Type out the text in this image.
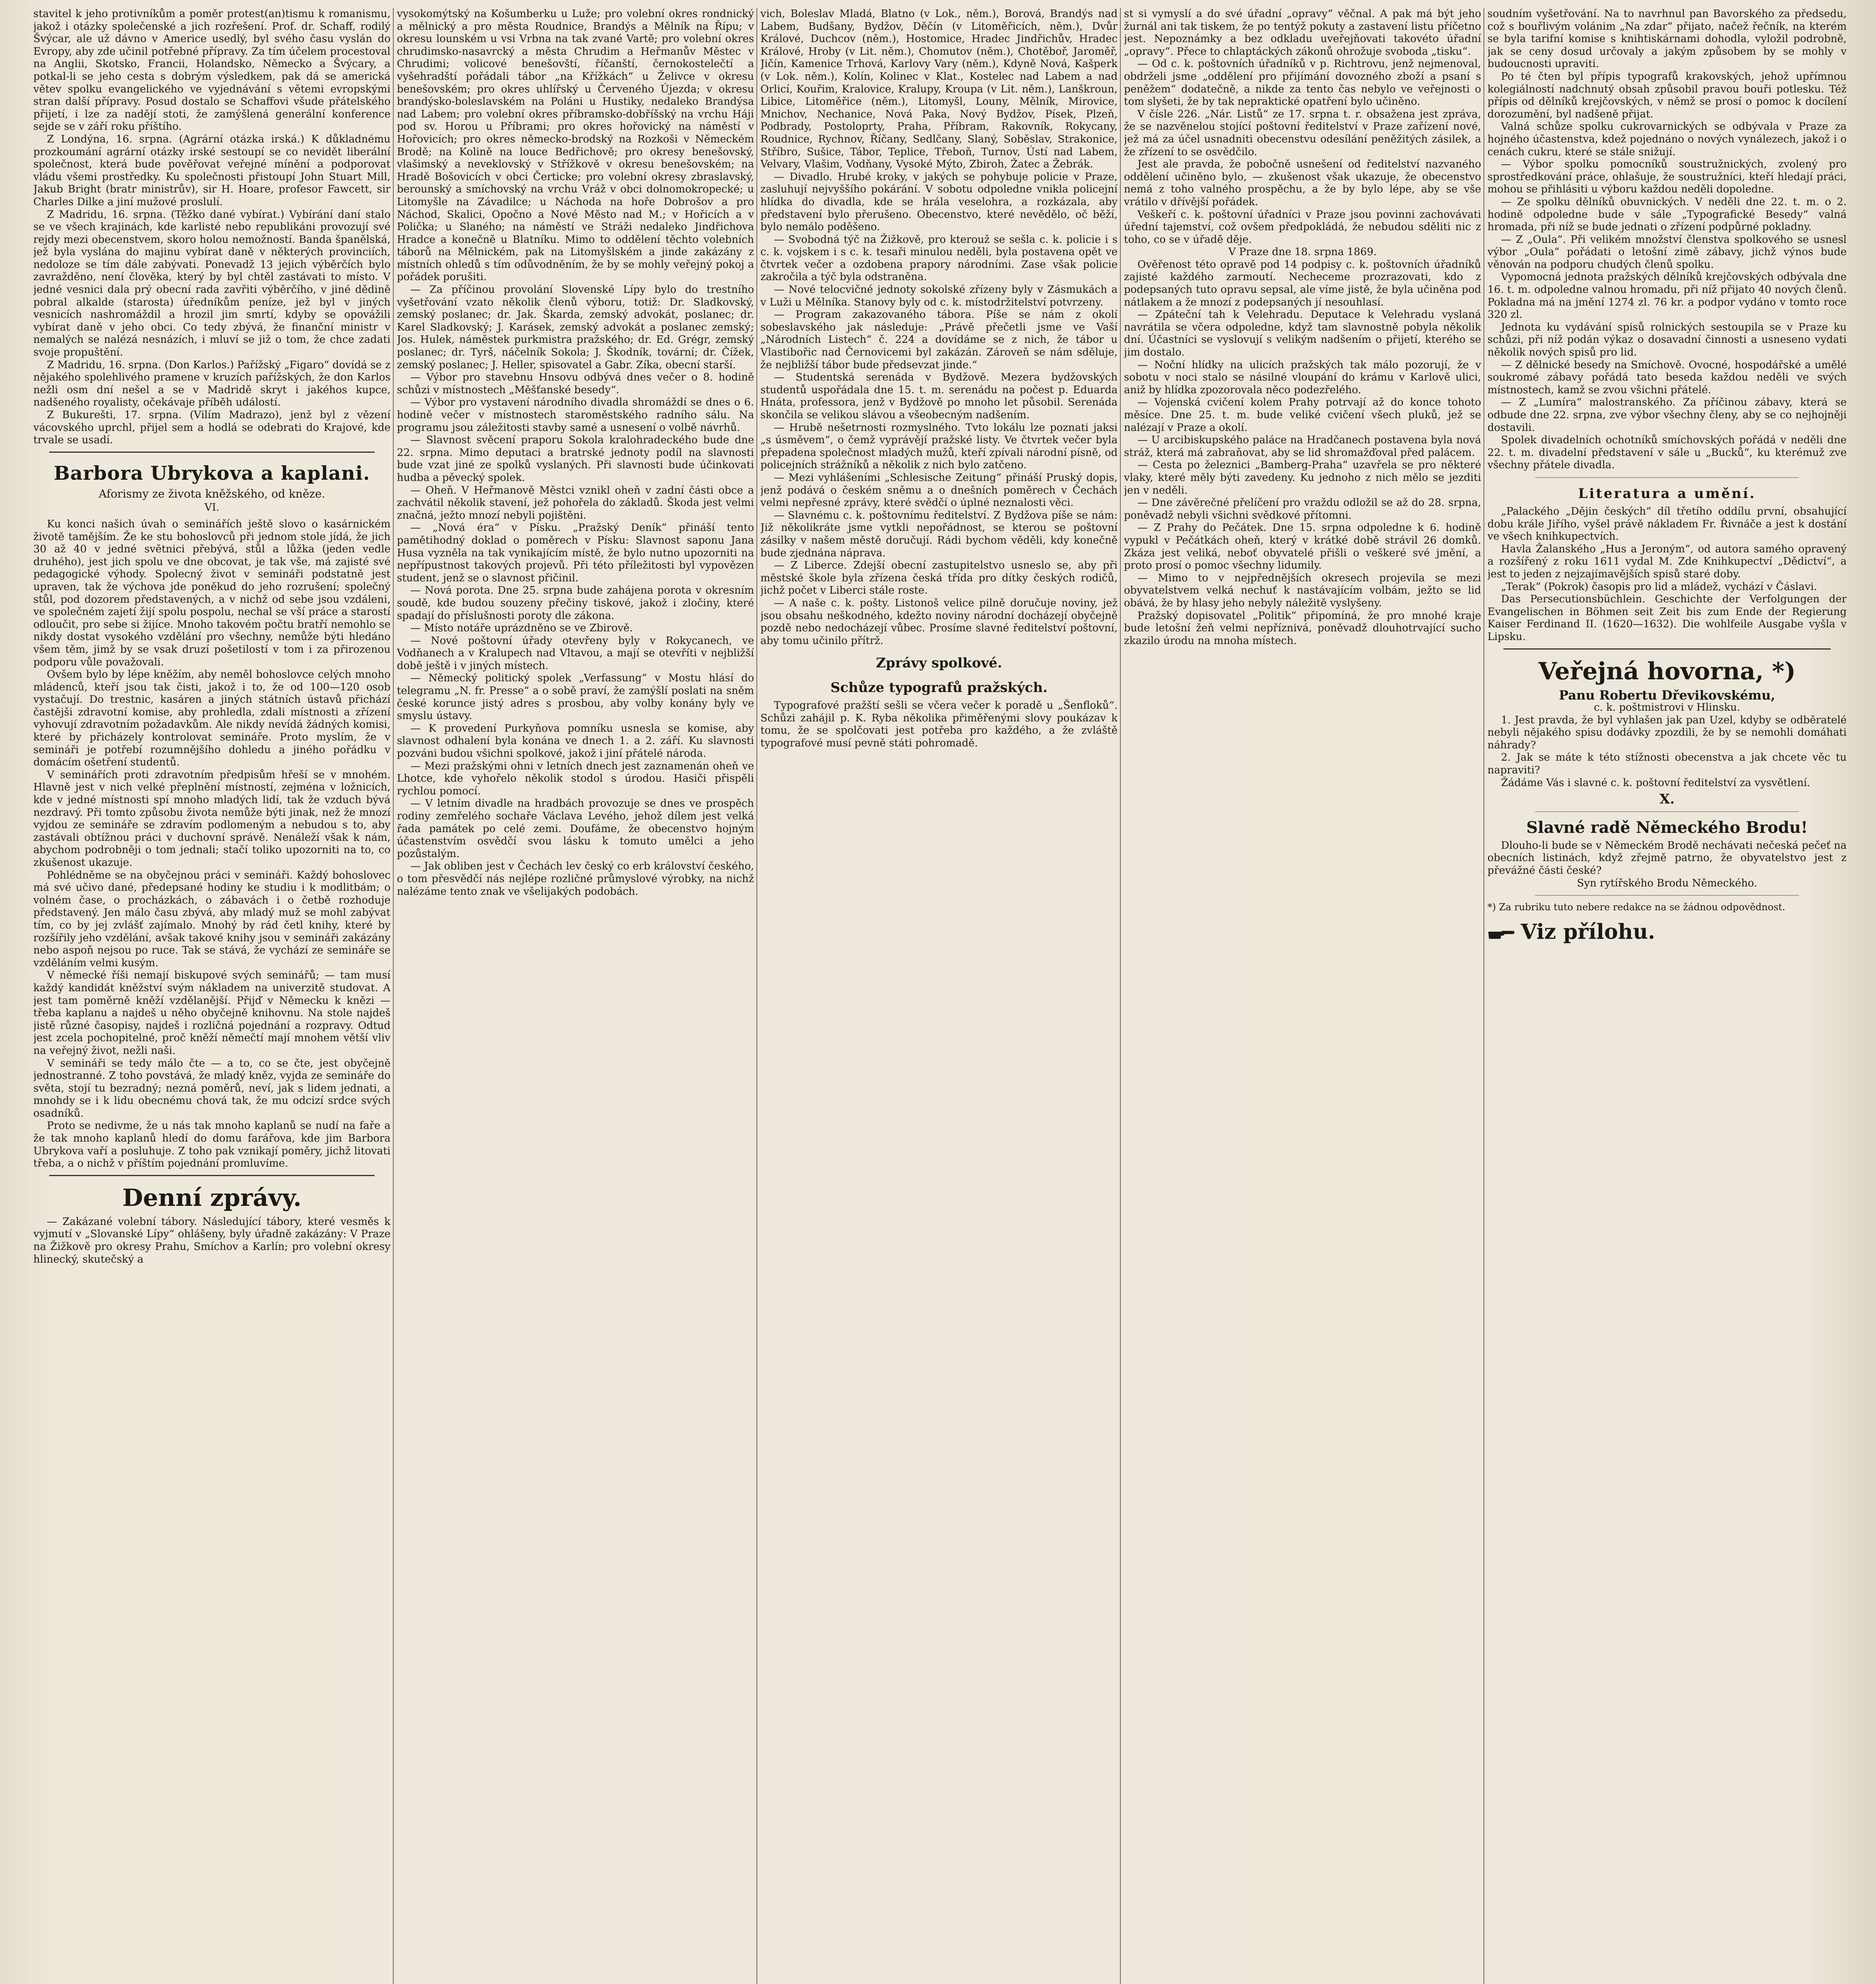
stavitel k jeho protivníkům a poměr protest(an)tismu k romanismu, jakož i otázky společenské a jich rozřešení. Prof. dr. Schaff, rodilý Švýcar, ale už dávno v Americe usedlý, byl svého času vyslán do Evropy, aby zde učinil potřebné přípravy. Za tím účelem procestoval na Anglii, Skotsko, Francii, Holandsko, Německo a Švýcary, a potkal-li se jeho cesta s dobrým výsledkem, pak dá se americká větev spolku evangelického ve vyjednávání s větemi evropskými stran další přípravy. Posud dostalo se Schaffovi všude přátelského přijetí, i lze za nadějí stoti, že zamýšlená generální konference sejde se v září roku příštího.

Z Londýna, 16. srpna. (Agrární otázka irská.) K důkladnému prozkoumání agrární otázky irské sestoupí se co nevidět liberální společnost, která bude pověřovat veřejné mínění a podporovat vládu všemi prostředky. Ku společnosti přistoupí John Stuart Mill, Jakub Bright (bratr ministrův), sir H. Hoare, profesor Fawcett, sir Charles Dilke a jiní mužové proslulí.

Z Madridu, 16. srpna. (Těžko dané vybírat.) Vybírání daní stalo se ve všech krajinách, kde karlisté nebo republikáni provozují své rejdy mezi obecenstvem, skoro holou nemožností. Banda španělská, jež byla vyslána do majinu vybírat daně v některých provinciích, nedoloze se tím dále zabývati. Ponevadž 13 jejich výběrčích bylo zavražděno, není člověka, který by byl chtěl zastávati to místo. V jedné vesnici dala prý obecní rada zavřiti výběrčího, v jiné dědině pobral alkalde (starosta) úředníkům peníze, jež byl v jiných vesnicích nashromáždil a hrozil jim smrtí, kdyby se opovážili vybírat daně v jeho obci. Co tedy zbývá, že finanční ministr v nemalých se nalézá nesnázích, i mluví se již o tom, že chce zadati svoje propuštění.

Z Madridu, 16. srpna. (Don Karlos.) Pařížský „Figaro“ dovídá se z nějakého spolehlivého pramene v kruzích pařížských, že don Karlos nežli osm dní nešel a se v Madridě skryt i jakéhos kupce, nadšeného royalisty, očekávaje příběh událostí.

Z Bukurešti, 17. srpna. (Vilím Madrazo), jenž byl z vězení vácovského uprchl, přijel sem a hodlá se odebrati do Krajové, kde trvale se usadí.

Barbora Ubrykova a kaplani.
Aforismy ze života kněžského, od kněze.
VI.

Ku konci našich úvah o seminářích ještě slovo o kasárnickém životě tamějším. Že ke stu bohoslovců při jednom stole jídá, že jich 30 až 40 v jedné světnici přebývá, stůl a lůžka (jeden vedle druhého), jest jich spolu ve dne obcovat, je tak vše, má zajisté své pedagogické výhody. Spolecný život v semináři podstatně jest upraven, tak že výchova jde poněkud do jeho rozrušení; společný stůl, pod dozorem představených, a v nichž od sebe jsou vzdáleni, ve společném zajetí žijí spolu pospolu, nechal se vší práce a starostí odloučit, pro sebe si žijíce. Mnoho takovém počtu bratří nemohlo se nikdy dostat vysokého vzdělání pro všechny, nemůže býti hledáno všem těm, jimž by se vsak druzí pošetilostí v tom i za přirozenou podporu vůle považovali.

Ovšem bylo by lépe kněžím, aby neměl bohoslovce celých mnoho mládenců, kteří jsou tak čisti, jakož i to, že od 100—120 osob vystačují. Do trestnic, kasáren a jiných státních ústavů přichází častějši zdravotní komise, aby prohledla, zdali místnosti a zřízení vyhovují zdravotním požadavkům. Ale nikdy nevídá žádných komisi, které by přicházely kontrolovat semináře. Proto myslím, že v semináři je potřebí rozumnějšího dohledu a jiného pořádku v domácím ošetření studentů.

V seminářích proti zdravotním předpisům hřeší se v mnohém. Hlavně jest v nich velké přeplnění místností, zejména v ložnicích, kde v jedné místnosti spí mnoho mladých lidí, tak že vzduch bývá nezdravý. Při tomto způsobu života nemůže býti jinak, než že mnozí vyjdou ze semináře se zdravím podlomeným a nebudou s to, aby zastávali obtížnou práci v duchovní správě. Nenáleží však k nám, abychom podrobněji o tom jednali; stačí toliko upozorniti na to, co zkušenost ukazuje.

Pohlédněme se na obyčejnou práci v semináři. Každý bohoslovec má své učivo dané, předepsané hodiny ke studiu i k modlitbám; o volném čase, o procházkách, o zábavách i o četbě rozhoduje představený. Jen málo času zbývá, aby mladý muž se mohl zabývat tím, co by jej zvlášť zajímalo. Mnohý by rád četl knihy, které by rozšířily jeho vzdělání, avšak takové knihy jsou v semináři zakázány nebo aspoň nejsou po ruce. Tak se stává, že vychází ze semináře se vzděláním velmi kusým.

V německé říši nemají biskupové svých seminářů; — tam musí každý kandidát kněžství svým nákladem na univerzitě studovat. A jest tam poměrně kněží vzdělanější. Přijď v Německu k knězi — třeba kaplanu a najdeš u něho obyčejně knihovnu. Na stole najdeš jistě různé časopisy, najdeš i rozličná pojednání a rozpravy. Odtud jest zcela pochopitelné, proč kněží němečtí mají mnohem větší vliv na veřejný život, nežli naši.

V semináři se tedy málo čte — a to, co se čte, jest obyčejně jednostranné. Z toho povstává, že mladý kněz, vyjda ze semináře do světa, stojí tu bezradný; nezná poměrů, neví, jak s lidem jednati, a mnohdy se i k lidu obecnému chová tak, že mu odcizí srdce svých osadníků.

Proto se nedivme, že u nás tak mnoho kaplanů se nudí na faře a že tak mnoho kaplanů hledí do domu farářova, kde jim Barbora Ubrykova vaří a posluhuje. Z toho pak vznikají poměry, jichž litovati třeba, a o nichž v příštím pojednání promluvíme.

Denní zprávy.

— Zakázané volební tábory. Následující tábory, které vesměs k vyjmutí v „Slovanské Lípy“ ohlášeny, byly úřadně zakázány: V Praze na Žižkově pro okresy Prahu, Smíchov a Karlín; pro volební okresy hlinecký, skutečský a

vysokomýtský na Košumberku u Luže; pro volební okres rondnický a mělnický a pro města Roudnice, Brandýs a Mělník na Řípu; v okresu lounském u vsi Vrbna na tak zvané Vartě; pro volební okres chrudimsko-nasavrcký a města Chrudim a Heřmanův Městec v Chrudimi; volicové benešovští, říčanští, černokostelečtí a vyšehradští pořádali tábor „na Křížkách“ u Želivce v okresu benešovském; pro okres uhlířský u Červeného Újezda; v okresu brandýsko-boleslavském na Poláni u Hustiky, nedaleko Brandýsa nad Labem; pro volební okres příbramsko-dobříšský na vrchu Háji pod sv. Horou u Příbrami; pro okres hořovický na náměstí v Hořovicích; pro okres německo-brodský na Rozkoši v Německém Brodě; na Kolině na louce Bedřichově; pro okresy benešovský, vlašimský a neveklovský v Střížkově v okresu benešovském; na Hradě Bošovicích v obci Čerticke; pro volební okresy zbraslavský, berounský a smíchovský na vrchu Vráž v obci dolnomokropecké; u Litomyšle na Závadilce; u Náchoda na hoře Dobrošov a pro Náchod, Skalici, Opočno a Nové Město nad M.; v Hořicích a v Polička; u Slaného; na náměstí ve Stráži nedaleko Jindřichova Hradce a konečně u Blatníku. Mimo to oddělení těchto volebních táborů na Mělnickém, pak na Litomyšlském a jinde zakázány z místních ohledů s tím odůvodněním, že by se mohly veřejný pokoj a pořádek porušiti.

— Za příčinou provolání Slovenské Lípy bylo do trestního vyšetřování vzato několik členů výboru, totiž: Dr. Sladkovský, zemský poslanec; dr. Jak. Škarda, zemský advokát, poslanec; dr. Karel Sladkovský; J. Karásek, zemský advokát a poslanec zemský; Jos. Hulek, náměstek purkmistra pražského; dr. Ed. Grégr, zemský poslanec; dr. Tyrš, náčelník Sokola; J. Škodník, tovární; dr. Čížek, zemský poslanec; J. Heller, spisovatel a Gabr. Zíka, obecní starší.

— Výbor pro stavebnu Hnsovu odbývá dnes večer o 8. hodině schůzi v místnostech „Měšťanské besedy“.

— Výbor pro vystavení národního divadla shromáždí se dnes o 6. hodině večer v místnostech staroměstského radního sálu. Na programu jsou záležitosti stavby samé a usnesení o volbě návrhů.

— Slavnost svěcení praporu Sokola kralohradeckého bude dne 22. srpna. Mimo deputaci a bratrské jednoty podíl na slavnosti bude vzat jiné ze spolků vyslaných. Při slavnosti bude účinkovati hudba a pěvecký spolek.

— Oheň. V Heřmanově Městci vznikl oheň v zadní části obce a zachvátil několik stavení, jež pohořela do základů. Škoda jest velmi značná, ježto mnozí nebyli pojištěni.

— „Nová éra“ v Písku. „Pražský Deník“ přináší tento pamětihodný doklad o poměrech v Písku: Slavnost saponu Jana Husa vyzněla na tak vynikajícím místě, že bylo nutno upozorniti na nepřípustnost takových projevů. Při této příležitosti byl vypovězen student, jenž se o slavnost přičinil.

— Nová porota. Dne 25. srpna bude zahájena porota v okresním soudě, kde budou souzeny přečiny tiskové, jakož i zločiny, které spadají do příslušnosti poroty dle zákona.

— Místo notáře uprázdněno se ve Zbirově.

— Nové poštovní úřady otevřeny byly v Rokycanech, ve Vodňanech a v Kralupech nad Vltavou, a mají se otevříti v nejbližší době ještě i v jiných místech.

— Německý politický spolek „Verfassung“ v Mostu hlásí do telegramu „N. fr. Presse“ a o sobě praví, že zamýšlí poslati na sněm české korunce jistý adres s prosbou, aby volby konány byly ve smyslu ústavy.

— K provedení Purkyňova pomníku usnesla se komise, aby slavnost odhalení byla konána ve dnech 1. a 2. září. Ku slavnosti pozváni budou všichni spolkové, jakož i jiní přátelé národa.

— Mezi pražskými ohni v letních dnech jest zaznamenán oheň ve Lhotce, kde vyhořelo několik stodol s úrodou. Hasiči přispěli rychlou pomocí.

— V letním divadle na hradbách provozuje se dnes ve prospěch rodiny zemřelého sochaře Václava Levého, jehož dílem jest velká řada památek po celé zemi. Doufáme, že obecenstvo hojným účastenstvím osvědčí svou lásku k tomuto umělci a jeho pozůstalým.

— Jak obliben jest v Čechách lev český co erb království českého, o tom přesvědčí nás nejlépe rozličné průmyslové výrobky, na nichž nalézáme tento znak ve všelijakých podobách.

vich, Boleslav Mladá, Blatno (v Lok., něm.), Borová, Brandýs nad Labem, Budšany, Bydžov, Děčín (v Litoměřicích, něm.), Dvůr Králové, Duchcov (něm.), Hostomice, Hradec Jindřichův, Hradec Králové, Hroby (v Lit. něm.), Chomutov (něm.), Chotěboř, Jaroměř, Jičín, Kamenice Trhová, Karlovy Vary (něm.), Kdyně Nová, Kašperk (v Lok. něm.), Kolín, Kolinec v Klat., Kostelec nad Labem a nad Orlicí, Kouřim, Kralovice, Kralupy, Kroupa (v Lit. něm.), Lanškroun, Libice, Litoměřice (něm.), Litomyšl, Louny, Mělník, Mirovice, Mnichov, Nechanice, Nová Paka, Nový Bydžov, Písek, Plzeň, Podbrady, Postoloprty, Praha, Příbram, Rakovník, Rokycany, Roudnice, Rychnov, Říčany, Sedlčany, Slaný, Soběslav, Strakonice, Stříbro, Sušice, Tábor, Teplice, Třeboň, Turnov, Ústí nad Labem, Velvary, Vlašim, Vodňany, Vysoké Mýto, Zbiroh, Žatec a Žebrák.

— Divadlo. Hrubé kroky, v jakých se pohybuje policie v Praze, zasluhují nejvyššího pokárání. V sobotu odpoledne vnikla policejní hlídka do divadla, kde se hrála veselohra, a rozkázala, aby představení bylo přerušeno. Obecenstvo, které nevědělo, oč běží, bylo nemálo poděšeno.

— Svobodná týč na Žižkově, pro kterouž se sešla c. k. policie i s c. k. vojskem i s c. k. tesaři minulou neděli, byla postavena opět ve čtvrtek večer a ozdobena prapory národními. Zase však policie zakročila a týč byla odstraněna.

— Nové telocvičné jednoty sokolské zřízeny byly v Zásmukách a v Luži u Mělníka. Stanovy byly od c. k. místodržitelství potvrzeny.

— Program zakazovaného tábora. Píše se nám z okolí sobeslavského jak následuje: „Právě přečetli jsme ve Vaší „Národních Listech“ č. 224 a dovídáme se z nich, že tábor u Vlastibořic nad Černovicemi byl zakázán. Zároveň se nám sděluje, že nejbližší tábor bude předsevzat jinde.“

— Studentská serenáda v Bydžově. Mezera bydžovských studentů uspořádala dne 15. t. m. serenádu na počest p. Eduarda Hnáta, professora, jenž v Bydžově po mnoho let působil. Serenáda skončila se velikou slávou a všeobecným nadšením.

— Hrubě nešetrnosti rozmyslného. Tvto lokálu lze poznati jaksi „s úsměvem“, o čemž vyprávějí pražské listy. Ve čtvrtek večer byla přepadena společnost mladých mužů, kteří zpívali národní písně, od policejních strážníků a několik z nich bylo zatčeno.

— Mezi vyhlášeními „Schlesische Zeitung“ přináší Pruský dopis, jenž podává o českém sněmu a o dnešních poměrech v Čechách velmi nepřesné zprávy, které svědčí o úplné neznalosti věci.

— Slavnému c. k. poštovnímu ředitelství. Z Bydžova píše se nám: Již několikráte jsme vytkli nepořádnost, se kterou se poštovní zásilky v našem městě doručují. Rádi bychom věděli, kdy konečně bude zjednána náprava.

— Z Liberce. Zdejší obecní zastupitelstvo usneslo se, aby při městské škole byla zřízena česká třída pro dítky českých rodičů, jichž počet v Liberci stále roste.

— A naše c. k. pošty. Listonoš velice pilně doručuje noviny, jež jsou obsahu neškodného, kdežto noviny národní docházejí obyčejně pozdě nebo nedocházejí vůbec. Prosíme slavné ředitelství poštovní, aby tomu učinilo přítrž.

Zprávy spolkové.
Schůze typografů pražských.

Typografové pražští sešli se včera večer k poradě u „Šenfloků“. Schůzi zahájil p. K. Ryba několika přiměřenými slovy poukázav k tomu, že se spolčovati jest potřeba pro každého, a že zvláště typografové musí pevně státi pohromadě.

st si vymyslí a do své úřadní „opravy“ věčnal. A pak má být jeho žurnál ani tak tiskem, že po tentýž pokuty a zastavení listu příčetno jest. Nepoznámky a bez odkladu uveřejňovati takovéto úřadní „opravy“. Přece to chlaptáckých zákonů ohrožuje svoboda „tisku“.

— Od c. k. poštovních úřadníků v p. Richtrovu, jenž nejmenoval, obdrželi jsme „oddělení pro přijímání dovozného zboží a psaní s peněžem“ dodatečně, a nikde za tento čas nebylo ve veřejnosti o tom slyšeti, že by tak nepraktické opatření bylo učiněno.

V čísle 226. „Nár. Listů“ ze 17. srpna t. r. obsažena jest zpráva, že se nazvěnelou stojící poštovní ředitelství v Praze zařízení nové, jež má za účel usnadniti obecenstvu odesílání peněžitých zásilek, a že zřízení to se osvědčilo.

Jest ale pravda, že pobočně usnešení od ředitelství nazvaného oddělení učiněno bylo, — zkušenost však ukazuje, že obecenstvo nemá z toho valného prospěchu, a že by bylo lépe, aby se vše vrátilo v dřívější pořádek.

Veškeří c. k. poštovní úřadníci v Praze jsou povinni zachovávati úřední tajemství, což ovšem předpokládá, že nebudou sděliti nic z toho, co se v úřadě děje.

V Praze dne 18. srpna 1869.

Ověřenost této opravě pod 14 podpisy c. k. poštovních úřadníků zajisté každého zarmoutí. Necheceme prozrazovati, kdo z podepsaných tuto opravu sepsal, ale víme jistě, že byla učiněna pod nátlakem a že mnozí z podepsaných jí nesouhlasí.

— Zpáteční tah k Velehradu. Deputace k Velehradu vyslaná navrátila se včera odpoledne, když tam slavnostně pobyla několik dní. Účastníci se vyslovují s velikým nadšením o přijetí, kterého se jim dostalo.

— Noční hlídky na ulicích pražských tak málo pozorují, že v sobotu v noci stalo se násilné vloupání do krámu v Karlově ulici, aniž by hlídka zpozorovala něco podezřelého.

— Vojenská cvičení kolem Prahy potrvají až do konce tohoto měsíce. Dne 25. t. m. bude veliké cvičení všech pluků, jež se nalézají v Praze a okolí.

— U arcibiskupského paláce na Hradčanech postavena byla nová stráž, která má zabraňovat, aby se lid shromažďoval před palácem.

— Cesta po železnici „Bamberg-Praha“ uzavřela se pro některé vlaky, které měly býti zavedeny. Ku jednoho z nich mělo se jezditi jen v neděli.

— Dne závěrečné přelíčení pro vraždu odložil se až do 28. srpna, poněvadž nebyli všichni svědkové přítomni.

— Z Prahy do Pečátek. Dne 15. srpna odpoledne k 6. hodině vypukl v Pečátkách oheň, který v krátké době strávil 26 domků. Zkáza jest veliká, neboť obyvatelé přišli o veškeré své jmění, a proto prosí o pomoc všechny lidumily.

— Mimo to v nejpřednějších okresech projevila se mezi obyvatelstvem velká nechuť k nastávajícím volbám, ježto se lid obává, že by hlasy jeho nebyly náležitě vyslyšeny.

Pražský dopisovatel „Politik“ připomíná, že pro mnohé kraje bude letošní žeň velmi nepříznivá, poněvadž dlouhotrvající sucho zkazilo úrodu na mnoha místech.

soudním vyšetřování. Na to navrhnul pan Bavorského za předsedu, což s bouřlivým volánim „Na zdar“ přijato, načež řečník, na kterém se byla tarifní komise s knihtiskárnami dohodla, vyložil podrobně, jak se ceny dosud určovaly a jakým způsobem by se mohly v budoucnosti upraviti.

Po té čten byl přípis typografů krakovských, jehož upřímnou kolegiálností nadchnutý obsah způsobil pravou bouři potlesku. Též přípis od dělníků krejčovských, v němž se prosí o pomoc k docílení dorozumění, byl nadšeně přijat.

Valná schůze spolku cukrovarnických se odbývala v Praze za hojného účastenstva, kdež pojednáno o nových vynálezech, jakož i o cenách cukru, které se stále snižují.

— Výbor spolku pomocníků soustružnických, zvolený pro sprostředkování práce, ohlašuje, že soustružníci, kteří hledají práci, mohou se přihlásiti u výboru každou neděli dopoledne.

— Ze spolku dělníků obuvnických. V neděli dne 22. t. m. o 2. hodině odpoledne bude v sále „Typografické Besedy“ valná hromada, při níž se bude jednati o zřízení podpůrné pokladny.

— Z „Oula“. Při velikém množství členstva spolkového se usnesl výbor „Oula“ pořádati o letošní zimě zábavy, jichž výnos bude věnován na podporu chudých členů spolku.

Vypomocná jednota pražských dělníků krejčovských odbývala dne 16. t. m. odpoledne valnou hromadu, při níž přijato 40 nových členů. Pokladna má na jmění 1274 zl. 76 kr. a podpor vydáno v tomto roce 320 zl.

Jednota ku vydávání spisů rolnických sestoupila se v Praze ku schůzi, při níž podán výkaz o dosavadní činnosti a usneseno vydati několik nových spisů pro lid.

— Z dělnické besedy na Smíchově. Ovocné, hospodářské a umělé soukromé zábavy pořádá tato beseda každou neděli ve svých místnostech, kamž se zvou všichni přátelé.

— Z „Lumíra“ malostranského. Za příčinou zábavy, která se odbude dne 22. srpna, zve výbor všechny členy, aby se co nejhojněji dostavili.

Spolek divadelních ochotníků smíchovských pořádá v neděli dne 22. t. m. divadelní představení v sále u „Bucků“, ku kterémuž zve všechny přátele divadla.

Literatura a umění.

„Palackého „Dějin českých“ díl třetího oddílu první, obsahující dobu krále Jiřího, vyšel právě nákladem Fr. Řivnáče a jest k dostání ve všech knihkupectvích.

Havla Žalanského „Hus a Jeroným“, od autora samého opravený a rozšířený z roku 1611 vydal M. Zde Knihkupectví „Dědictví“, a jest to jeden z nejzajímavějších spisů staré doby.

„Terak“ (Pokrok) časopis pro lid a mládež, vychází v Čáslavi.

Das Persecutionsbüchlein. Geschichte der Verfolgungen der Evangelischen in Böhmen seit Zeit bis zum Ende der Regierung Kaiser Ferdinand II. (1620—1632). Die wohlfeile Ausgabe vyšla v Lipsku.

Veřejná hovorna, *)

Panu Robertu Dřevikovskému,

c. k. poštmistrovi v Hlinsku.

1. Jest pravda, že byl vyhlašen jak pan Uzel, kdyby se odběratelé nebyli nějakého spisu dodávky zpozdili, že by se nemohli domáhati náhrady?

2. Jak se máte k této stížnosti obecenstva a jak chcete věc tu napraviti?

Žádáme Vás i slavné c. k. poštovní ředitelství za vysvětlení.

X.

Slavné radě Německého Brodu!

Dlouho-li bude se v Německém Brodě nechávati nečeská pečeť na obecních listinách, když zřejmě patrno, že obyvatelstvo jest z převážné části české?

Syn rytířského Brodu Německého.

*) Za rubriku tuto nebere redakce na se žádnou odpovědnost.

Viz přílohu.
